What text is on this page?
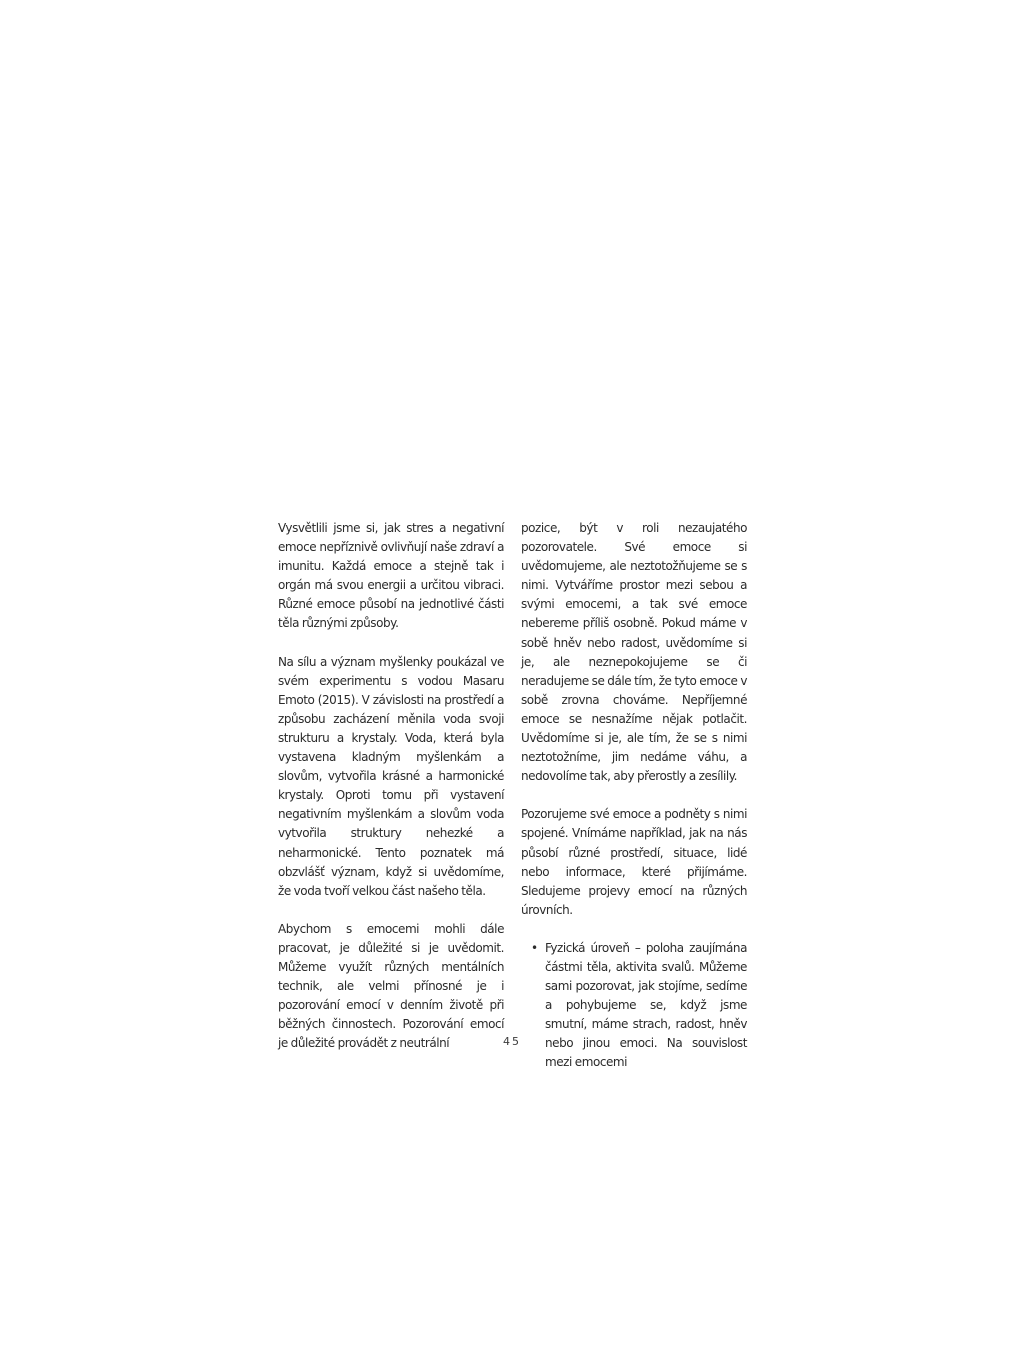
Vysvětlili jsme si, jak stres a negativní emoce nepříznivě ovlivňují naše zdraví a imunitu. Každá emoce a stejně tak i orgán má svou energii a určitou vibraci. Různé emoce působí na jednotlivé části těla různými způsoby.

Na sílu a význam myšlenky poukázal ve svém experimentu s vodou Masaru Emoto (2015). V závislosti na prostředí a způsobu zacházení měnila voda svoji strukturu a krystaly. Voda, která byla vystavena kladným myšlenkám a slovům, vytvořila krásné a harmonické krystaly. Oproti tomu při vystavení negativním myšlenkám a slovům voda vytvořila struktury nehezké a neharmonické. Tento poznatek má obzvlášť význam, když si uvědomíme, že voda tvoří velkou část našeho těla.

Abychom s emocemi mohli dále pracovat, je důležité si je uvědomit. Můžeme využít různých mentálních technik, ale velmi přínosné je i pozorování emocí v denním životě při běžných činnostech. Pozorování emocí je důležité provádět z neutrální

pozice, být v roli nezaujatého pozorovatele. Své emoce si uvědomujeme, ale neztotožňujeme se s nimi. Vytváříme prostor mezi sebou a svými emocemi, a tak své emoce nebereme příliš osobně. Pokud máme v sobě hněv nebo radost, uvědomíme si je, ale neznepokojujeme se či neradujeme se dále tím, že tyto emoce v sobě zrovna chováme. Nepříjemné emoce se nesnažíme nějak potlačit. Uvědomíme si je, ale tím, že se s nimi neztotožníme, jim nedáme váhu, a nedovolíme tak, aby přerostly a zesílily.

Pozorujeme své emoce a podněty s nimi spojené. Vnímáme například, jak na nás působí různé prostředí, situace, lidé nebo informace, které přijímáme. Sledujeme projevy emocí na různých úrovních.

• Fyzická úroveň – poloha zaujímána částmi těla, aktivita svalů. Můžeme sami pozorovat, jak stojíme, sedíme a pohybujeme se, když jsme smutní, máme strach, radost, hněv nebo jinou emoci. Na souvislost mezi emocemi

45
